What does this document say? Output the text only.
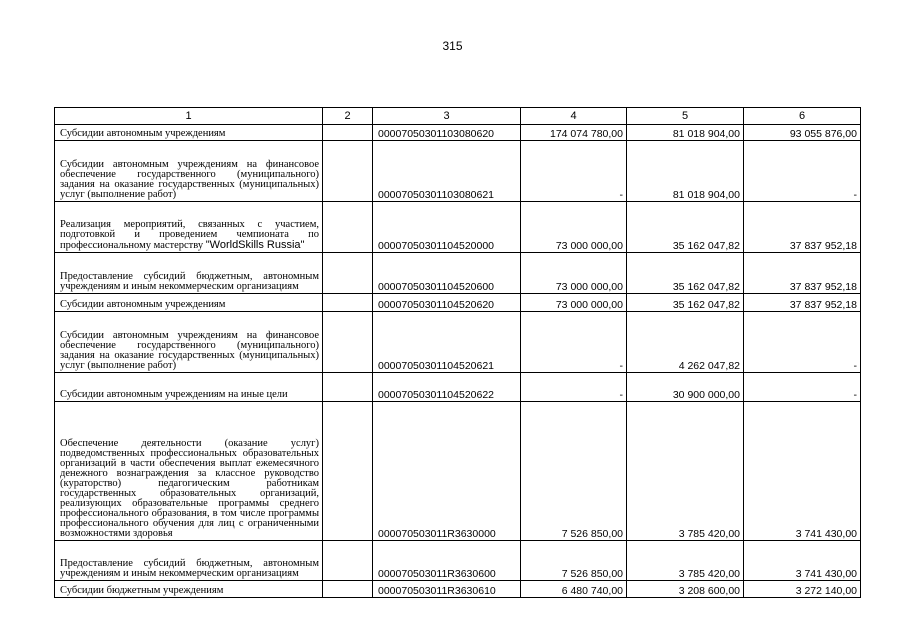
315
1	2	3	4	5	6
Субсидии автономным учреждениям		00007050301103080620	174 074 780,00	81 018 904,00	93 055 876,00
Субсидии автономным учреждениям на финансовое обеспечение государственного (муниципального) задания на оказание государственных (муниципальных) услуг (выполнение работ)		00007050301103080621	-	81 018 904,00	-
Реализация мероприятий, связанных с участием, подготовкой и проведением чемпионата по профессиональному мастерству "WorldSkills Russia"		00007050301104520000	73 000 000,00	35 162 047,82	37 837 952,18
Предоставление субсидий бюджетным, автономным учреждениям и иным некоммерческим организациям		00007050301104520600	73 000 000,00	35 162 047,82	37 837 952,18
Субсидии автономным учреждениям		00007050301104520620	73 000 000,00	35 162 047,82	37 837 952,18
Субсидии автономным учреждениям на финансовое обеспечение государственного (муниципального) задания на оказание государственных (муниципальных) услуг (выполнение работ)		00007050301104520621	-	4 262 047,82	-
Субсидии автономным учреждениям на иные цели		00007050301104520622	-	30 900 000,00	-
Обеспечение деятельности (оказание услуг) подведомственных профессиональных образовательных организаций в части обеспечения выплат ежемесячного денежного вознаграждения за классное руководство (кураторство) педагогическим работникам государственных образовательных организаций, реализующих образовательные программы среднего профессионального образования, в том числе программы профессионального обучения для лиц с ограниченными возможностями здоровья		000070503011R3630000	7 526 850,00	3 785 420,00	3 741 430,00
Предоставление субсидий бюджетным, автономным учреждениям и иным некоммерческим организациям		000070503011R3630600	7 526 850,00	3 785 420,00	3 741 430,00
Субсидии бюджетным учреждениям		000070503011R3630610	6 480 740,00	3 208 600,00	3 272 140,00
